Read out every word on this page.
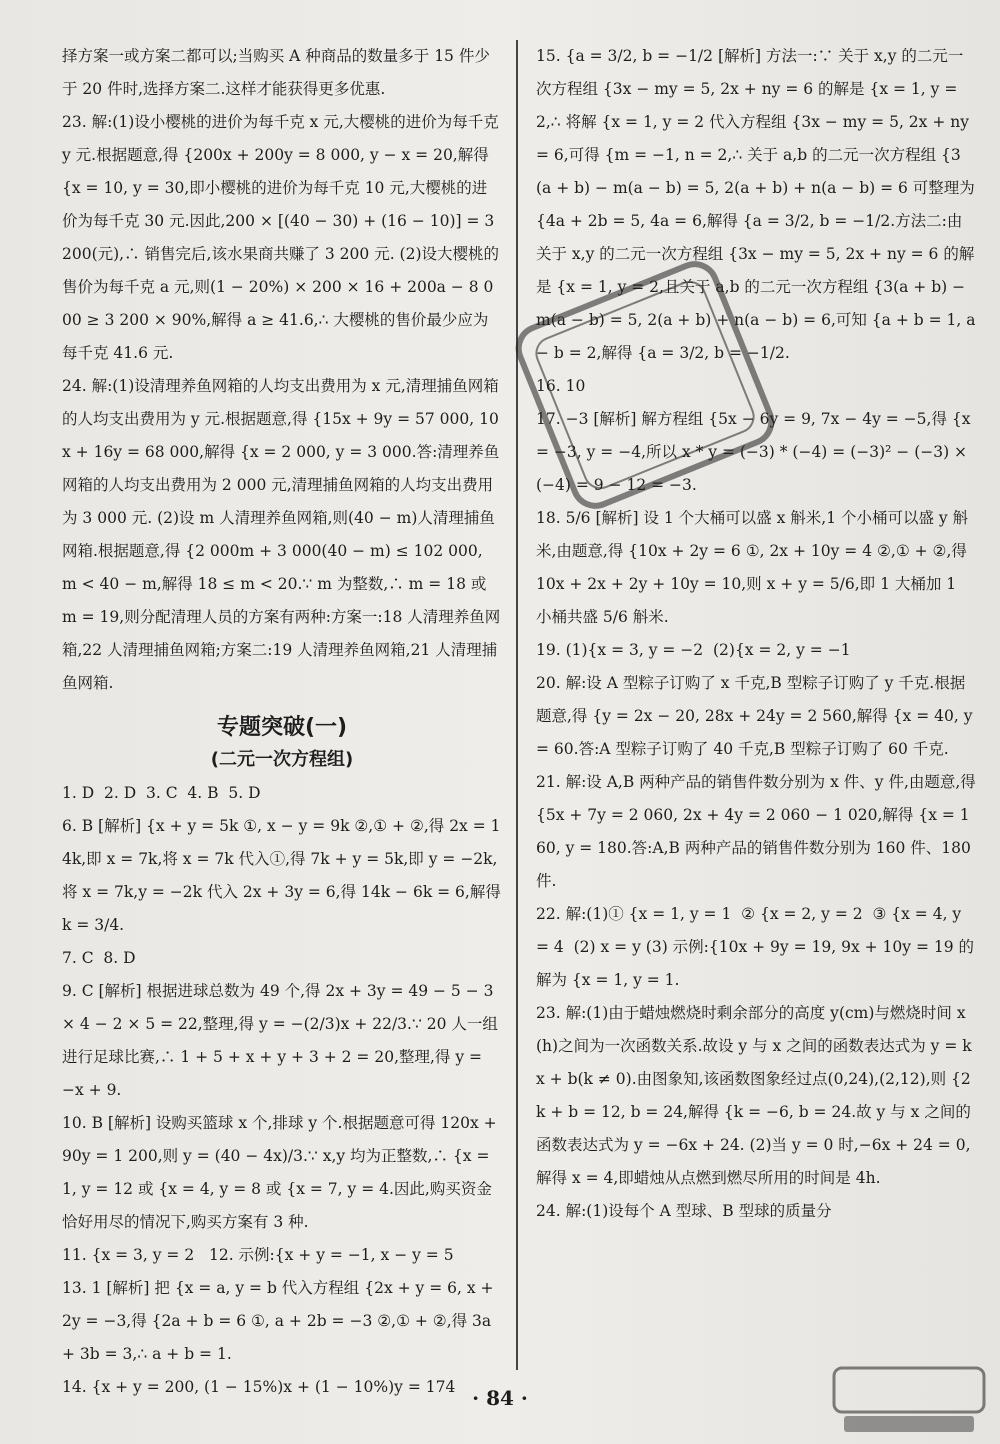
择方案一或方案二都可以;当购买 A 种商品的数量多于 15 件少于 20 件时,选择方案二.这样才能获得更多优惠.

23. 解:(1)设小樱桃的进价为每千克 x 元,大樱桃的进价为每千克 y 元.根据题意,得 {200x + 200y = 8 000, y − x = 20,解得 {x = 10, y = 30,即小樱桃的进价为每千克 10 元,大樱桃的进价为每千克 30 元.因此,200 × [(40 − 30) + (16 − 10)] = 3 200(元),∴ 销售完后,该水果商共赚了 3 200 元. (2)设大樱桃的售价为每千克 a 元,则(1 − 20%) × 200 × 16 + 200a − 8 000 ≥ 3 200 × 90%,解得 a ≥ 41.6,∴ 大樱桃的售价最少应为每千克 41.6 元.

24. 解:(1)设清理养鱼网箱的人均支出费用为 x 元,清理捕鱼网箱的人均支出费用为 y 元.根据题意,得 {15x + 9y = 57 000, 10x + 16y = 68 000,解得 {x = 2 000, y = 3 000.答:清理养鱼网箱的人均支出费用为 2 000 元,清理捕鱼网箱的人均支出费用为 3 000 元. (2)设 m 人清理养鱼网箱,则(40 − m)人清理捕鱼网箱.根据题意,得 {2 000m + 3 000(40 − m) ≤ 102 000, m < 40 − m,解得 18 ≤ m < 20.∵ m 为整数,∴ m = 18 或 m = 19,则分配清理人员的方案有两种:方案一:18 人清理养鱼网箱,22 人清理捕鱼网箱;方案二:19 人清理养鱼网箱,21 人清理捕鱼网箱.

专题突破(一)
(二元一次方程组)

1. D  2. D  3. C  4. B  5. D

6. B [解析] {x + y = 5k ①, x − y = 9k ②,① + ②,得 2x = 14k,即 x = 7k,将 x = 7k 代入①,得 7k + y = 5k,即 y = −2k,将 x = 7k,y = −2k 代入 2x + 3y = 6,得 14k − 6k = 6,解得 k = 3/4.

7. C  8. D

9. C [解析] 根据进球总数为 49 个,得 2x + 3y = 49 − 5 − 3 × 4 − 2 × 5 = 22,整理,得 y = −(2/3)x + 22/3.∵ 20 人一组进行足球比赛,∴ 1 + 5 + x + y + 3 + 2 = 20,整理,得 y = −x + 9.

10. B [解析] 设购买篮球 x 个,排球 y 个.根据题意可得 120x + 90y = 1 200,则 y = (40 − 4x)/3.∵ x,y 均为正整数,∴ {x = 1, y = 12 或 {x = 4, y = 8 或 {x = 7, y = 4.因此,购买资金恰好用尽的情况下,购买方案有 3 种.

11. {x = 3, y = 2   12. 示例:{x + y = −1, x − y = 5

13. 1 [解析] 把 {x = a, y = b 代入方程组 {2x + y = 6, x + 2y = −3,得 {2a + b = 6 ①, a + 2b = −3 ②,① + ②,得 3a + 3b = 3,∴ a + b = 1.

14. {x + y = 200, (1 − 15%)x + (1 − 10%)y = 174

15. {a = 3/2, b = −1/2 [解析] 方法一:∵ 关于 x,y 的二元一次方程组 {3x − my = 5, 2x + ny = 6 的解是 {x = 1, y = 2,∴ 将解 {x = 1, y = 2 代入方程组 {3x − my = 5, 2x + ny = 6,可得 {m = −1, n = 2,∴ 关于 a,b 的二元一次方程组 {3(a + b) − m(a − b) = 5, 2(a + b) + n(a − b) = 6 可整理为 {4a + 2b = 5, 4a = 6,解得 {a = 3/2, b = −1/2.方法二:由关于 x,y 的二元一次方程组 {3x − my = 5, 2x + ny = 6 的解是 {x = 1, y = 2,且关于 a,b 的二元一次方程组 {3(a + b) − m(a − b) = 5, 2(a + b) + n(a − b) = 6,可知 {a + b = 1, a − b = 2,解得 {a = 3/2, b = −1/2.

16. 10

17. −3 [解析] 解方程组 {5x − 6y = 9, 7x − 4y = −5,得 {x = −3, y = −4,所以 x * y = (−3) * (−4) = (−3)² − (−3) × (−4) = 9 − 12 = −3.

18. 5/6 [解析] 设 1 个大桶可以盛 x 斛米,1 个小桶可以盛 y 斛米,由题意,得 {10x + 2y = 6 ①, 2x + 10y = 4 ②,① + ②,得 10x + 2x + 2y + 10y = 10,则 x + y = 5/6,即 1 大桶加 1 小桶共盛 5/6 斛米.

19. (1){x = 3, y = −2  (2){x = 2, y = −1

20. 解:设 A 型粽子订购了 x 千克,B 型粽子订购了 y 千克.根据题意,得 {y = 2x − 20, 28x + 24y = 2 560,解得 {x = 40, y = 60.答:A 型粽子订购了 40 千克,B 型粽子订购了 60 千克.

21. 解:设 A,B 两种产品的销售件数分别为 x 件、y 件,由题意,得 {5x + 7y = 2 060, 2x + 4y = 2 060 − 1 020,解得 {x = 160, y = 180.答:A,B 两种产品的销售件数分别为 160 件、180 件.

22. 解:(1)① {x = 1, y = 1  ② {x = 2, y = 2  ③ {x = 4, y = 4  (2) x = y (3) 示例:{10x + 9y = 19, 9x + 10y = 19 的解为 {x = 1, y = 1.

23. 解:(1)由于蜡烛燃烧时剩余部分的高度 y(cm)与燃烧时间 x(h)之间为一次函数关系.故设 y 与 x 之间的函数表达式为 y = kx + b(k ≠ 0).由图象知,该函数图象经过点(0,24),(2,12),则 {2k + b = 12, b = 24,解得 {k = −6, b = 24.故 y 与 x 之间的函数表达式为 y = −6x + 24. (2)当 y = 0 时,−6x + 24 = 0,解得 x = 4,即蜡烛从点燃到燃尽所用的时间是 4h.

24. 解:(1)设每个 A 型球、B 型球的质量分

· 84 ·
